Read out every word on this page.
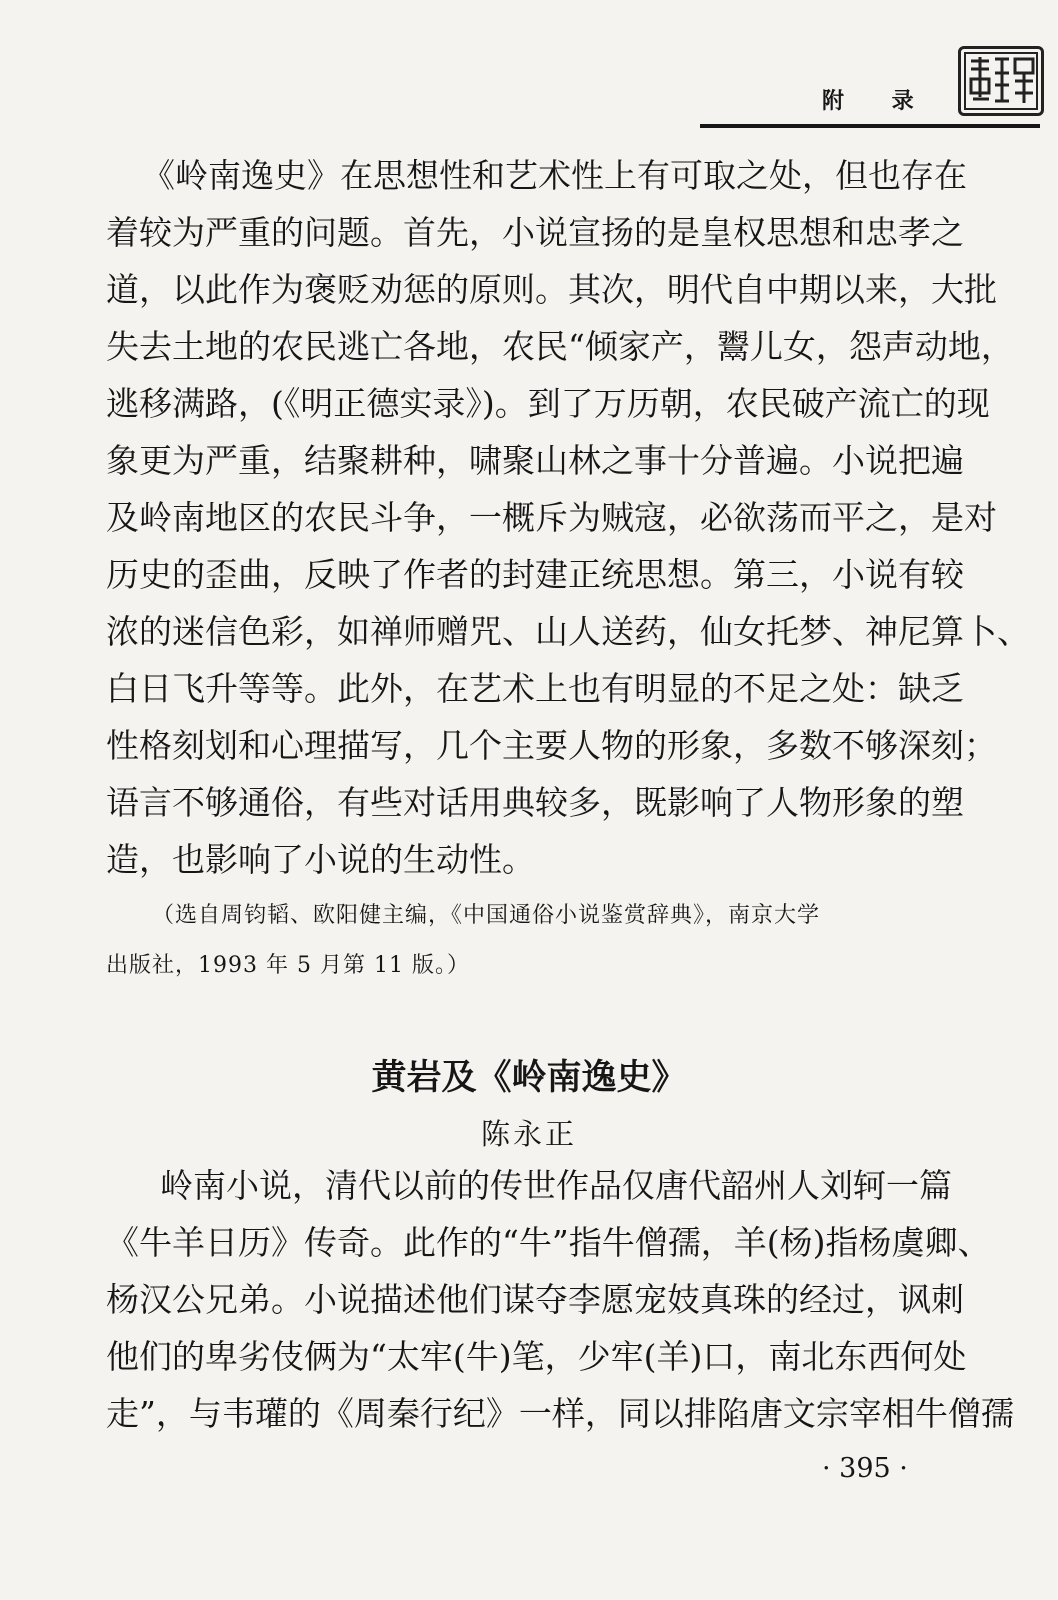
附 录
《岭南逸史》在思想性和艺术性上有可取之处，但也存在
着较为严重的问题。首先，小说宣扬的是皇权思想和忠孝之
道，以此作为褒贬劝惩的原则。其次，明代自中期以来，大批
失去土地的农民逃亡各地，农民“倾家产，鬻儿女，怨声动地，
逃移满路，(《明正德实录》)。到了万历朝，农民破产流亡的现
象更为严重，结聚耕种，啸聚山林之事十分普遍。小说把遍
及岭南地区的农民斗争，一概斥为贼寇，必欲荡而平之，是对
历史的歪曲，反映了作者的封建正统思想。第三，小说有较
浓的迷信色彩，如禅师赠咒、山人送药，仙女托梦、神尼算卜、
白日飞升等等。此外，在艺术上也有明显的不足之处：缺乏
性格刻划和心理描写，几个主要人物的形象，多数不够深刻；
语言不够通俗，有些对话用典较多，既影响了人物形象的塑
造，也影响了小说的生动性。
（选自周钧韬、欧阳健主编，《中国通俗小说鉴赏辞典》，南京大学
出版社，1993 年 5 月第 11 版。）
黄岩及《岭南逸史》
陈永正
岭南小说，清代以前的传世作品仅唐代韶州人刘轲一篇
《牛羊日历》传奇。此作的“牛”指牛僧孺，羊(杨)指杨虞卿、
杨汉公兄弟。小说描述他们谋夺李愿宠妓真珠的经过，讽刺
他们的卑劣伎俩为“太牢(牛)笔，少牢(羊)口，南北东西何处
走”，与韦瓘的《周秦行纪》一样，同以排陷唐文宗宰相牛僧孺
· 395 ·
